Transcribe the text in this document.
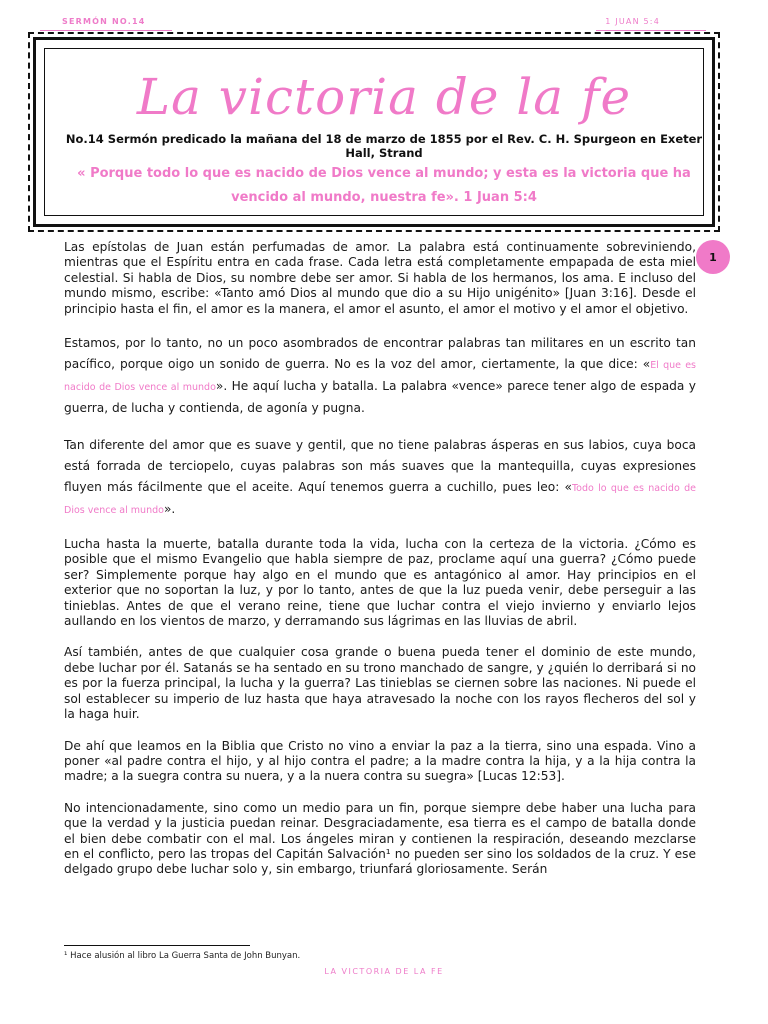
SERMÓN NO.14	1 JUAN 5:4
La victoria de la fe
No.14 Sermón predicado la mañana del 18 de marzo de 1855 por el Rev. C. H. Spurgeon en Exeter Hall, Strand
« Porque todo lo que es nacido de Dios vence al mundo; y esta es la victoria que ha vencido al mundo, nuestra fe». 1 Juan 5:4
1

Las epístolas de Juan están perfumadas de amor. La palabra está continuamente sobreviniendo, mientras que el Espíritu entra en cada frase. Cada letra está completamente empapada de esta miel celestial. Si habla de Dios, su nombre debe ser amor. Si habla de los hermanos, los ama. E incluso del mundo mismo, escribe: «Tanto amó Dios al mundo que dio a su Hijo unigénito» [Juan 3:16]. Desde el principio hasta el fin, el amor es la manera, el amor el asunto, el amor el motivo y el amor el objetivo.

Estamos, por lo tanto, no un poco asombrados de encontrar palabras tan militares en un escrito tan pacífico, porque oigo un sonido de guerra. No es la voz del amor, ciertamente, la que dice: «El que es nacido de Dios vence al mundo». He aquí lucha y batalla. La palabra «vence» parece tener algo de espada y guerra, de lucha y contienda, de agonía y pugna.

Tan diferente del amor que es suave y gentil, que no tiene palabras ásperas en sus labios, cuya boca está forrada de terciopelo, cuyas palabras son más suaves que la mantequilla, cuyas expresiones fluyen más fácilmente que el aceite. Aquí tenemos guerra a cuchillo, pues leo: «Todo lo que es nacido de Dios vence al mundo».

Lucha hasta la muerte, batalla durante toda la vida, lucha con la certeza de la victoria. ¿Cómo es posible que el mismo Evangelio que habla siempre de paz, proclame aquí una guerra? ¿Cómo puede ser? Simplemente porque hay algo en el mundo que es antagónico al amor. Hay principios en el exterior que no soportan la luz, y por lo tanto, antes de que la luz pueda venir, debe perseguir a las tinieblas. Antes de que el verano reine, tiene que luchar contra el viejo invierno y enviarlo lejos aullando en los vientos de marzo, y derramando sus lágrimas en las lluvias de abril.

Así también, antes de que cualquier cosa grande o buena pueda tener el dominio de este mundo, debe luchar por él. Satanás se ha sentado en su trono manchado de sangre, y ¿quién lo derribará si no es por la fuerza principal, la lucha y la guerra? Las tinieblas se ciernen sobre las naciones. Ni puede el sol establecer su imperio de luz hasta que haya atravesado la noche con los rayos flecheros del sol y la haga huir.

De ahí que leamos en la Biblia que Cristo no vino a enviar la paz a la tierra, sino una espada. Vino a poner «al padre contra el hijo, y al hijo contra el padre; a la madre contra la hija, y a la hija contra la madre; a la suegra contra su nuera, y a la nuera contra su suegra» [Lucas 12:53].

No intencionadamente, sino como un medio para un fin, porque siempre debe haber una lucha para que la verdad y la justicia puedan reinar. Desgraciadamente, esa tierra es el campo de batalla donde el bien debe combatir con el mal. Los ángeles miran y contienen la respiración, deseando mezclarse en el conflicto, pero las tropas del Capitán Salvación¹ no pueden ser sino los soldados de la cruz. Y ese delgado grupo debe luchar solo y, sin embargo, triunfará gloriosamente. Serán

¹ Hace alusión al libro La Guerra Santa de John Bunyan.
LA VICTORIA DE LA FE
